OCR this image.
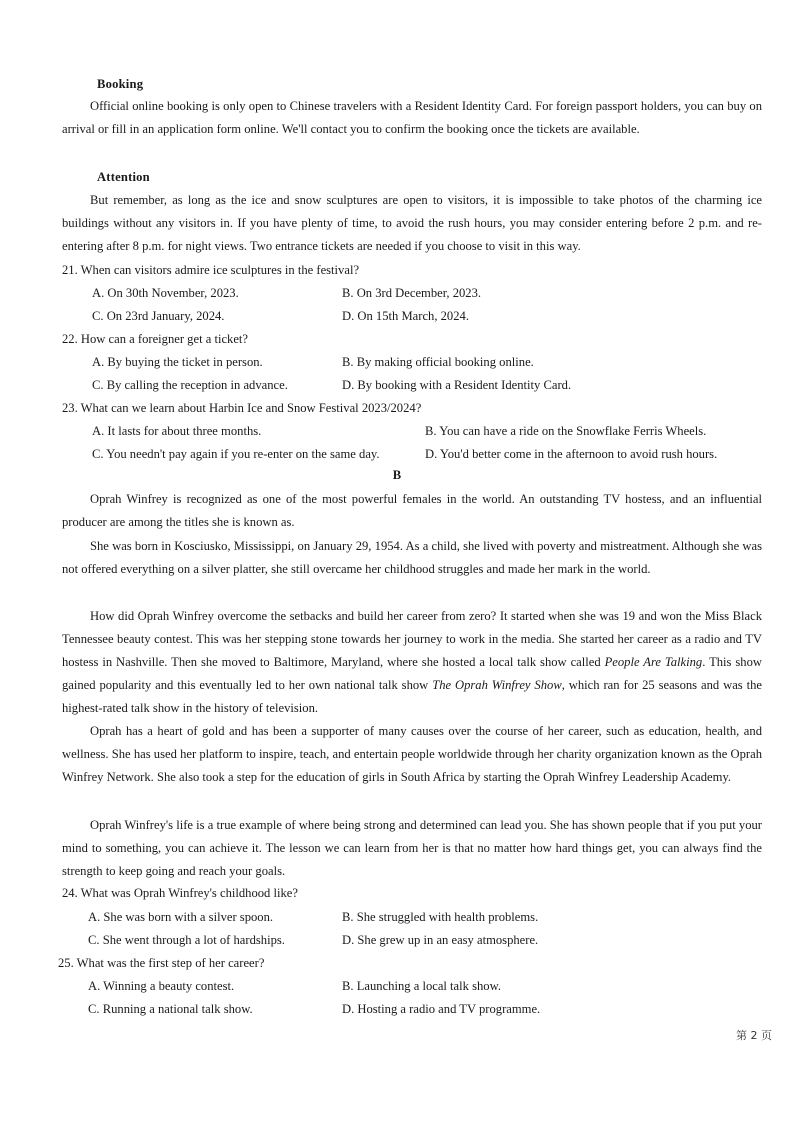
Booking
Official online booking is only open to Chinese travelers with a Resident Identity Card. For foreign passport holders, you can buy on arrival or fill in an application form online. We'll contact you to confirm the booking once the tickets are available.
Attention
But remember, as long as the ice and snow sculptures are open to visitors, it is impossible to take photos of the charming ice buildings without any visitors in. If you have plenty of time, to avoid the rush hours, you may consider entering before 2 p.m. and re-entering after 8 p.m. for night views. Two entrance tickets are needed if you choose to visit in this way.
21. When can visitors admire ice sculptures in the festival?
A. On 30th November, 2023.	B. On 3rd December, 2023.
C. On 23rd January, 2024.	D. On 15th March, 2024.
22. How can a foreigner get a ticket?
A. By buying the ticket in person.	B. By making official booking online.
C. By calling the reception in advance.	D. By booking with a Resident Identity Card.
23. What can we learn about Harbin Ice and Snow Festival 2023/2024?
A. It lasts for about three months.	B. You can have a ride on the Snowflake Ferris Wheels.
C. You needn't pay again if you re-enter on the same day.	D. You'd better come in the afternoon to avoid rush hours.
B
Oprah Winfrey is recognized as one of the most powerful females in the world. An outstanding TV hostess, and an influential producer are among the titles she is known as.
She was born in Kosciusko, Mississippi, on January 29, 1954. As a child, she lived with poverty and mistreatment. Although she was not offered everything on a silver platter, she still overcame her childhood struggles and made her mark in the world.
How did Oprah Winfrey overcome the setbacks and build her career from zero? It started when she was 19 and won the Miss Black Tennessee beauty contest. This was her stepping stone towards her journey to work in the media. She started her career as a radio and TV hostess in Nashville. Then she moved to Baltimore, Maryland, where she hosted a local talk show called People Are Talking. This show gained popularity and this eventually led to her own national talk show The Oprah Winfrey Show, which ran for 25 seasons and was the highest-rated talk show in the history of television.
Oprah has a heart of gold and has been a supporter of many causes over the course of her career, such as education, health, and wellness. She has used her platform to inspire, teach, and entertain people worldwide through her charity organization known as the Oprah Winfrey Network. She also took a step for the education of girls in South Africa by starting the Oprah Winfrey Leadership Academy.
Oprah Winfrey's life is a true example of where being strong and determined can lead you. She has shown people that if you put your mind to something, you can achieve it. The lesson we can learn from her is that no matter how hard things get, you can always find the strength to keep going and reach your goals.
24. What was Oprah Winfrey's childhood like?
A. She was born with a silver spoon.	B. She struggled with health problems.
C. She went through a lot of hardships.	D. She grew up in an easy atmosphere.
25. What was the first step of her career?
A. Winning a beauty contest.	B. Launching a local talk show.
C. Running a national talk show.	D. Hosting a radio and TV programme.
第 2 页
